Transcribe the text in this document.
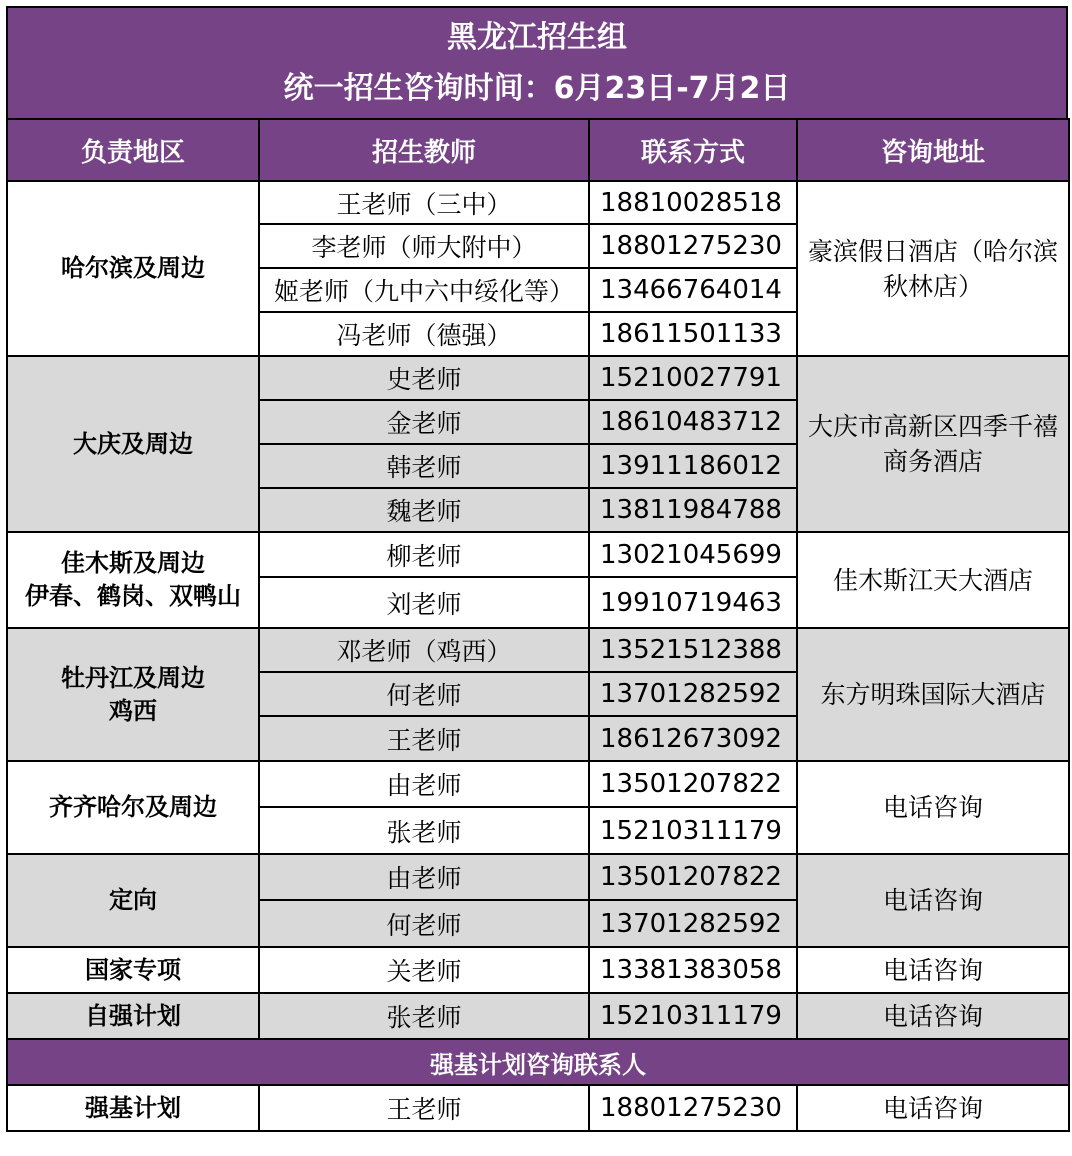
黑龙江招生组
统一招生咨询时间：6月23日-7月2日
负责地区	招生教师	联系方式	咨询地址

哈尔滨及周边	王老师（三中）	18810028518	豪滨假日酒店（哈尔滨秋林店）
	李老师（师大附中）	18801275230	
	姬老师（九中六中绥化等）	13466764014	
	冯老师（德强）	18611501133	

大庆及周边	史老师	15210027791	大庆市高新区四季千禧商务酒店
	金老师	18610483712	
	韩老师	13911186012	
	魏老师	13811984788	

佳木斯及周边
伊春、鹤岗、双鸭山	柳老师	13021045699	佳木斯江天大酒店
	刘老师	19910719463	

牡丹江及周边
鸡西	邓老师（鸡西）	13521512388	东方明珠国际大酒店
	何老师	13701282592	
	王老师	18612673092	

齐齐哈尔及周边	由老师	13501207822	电话咨询
	张老师	15210311179	

定向	由老师	13501207822	电话咨询
	何老师	13701282592	

国家专项	关老师	13381383058	电话咨询

自强计划	张老师	15210311179	电话咨询
强基计划咨询联系人			
强基计划	王老师	18801275230	电话咨询
